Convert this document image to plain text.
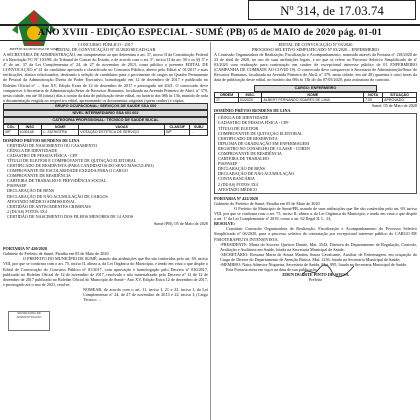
PREFEITURA MUNICIPAL DE SUMÉ
Nº 314, de 17.03.74
ANO XVIII - EDIÇÃO ESPECIAL - SUMÉ (PB) 05 de MAIO de 2020 pág. 01-01
CONCURSO PÚBLICO - 2017
EDITAL DE CONVOCAÇÃO Nº 41/2020/SECAD-GAB
A SECRETÁRIA DE ADMINISTRAÇÃO, em cumprimento ao que determina o art. 37, inciso II da Constituição Federal e à Resolução TC Nº 103/98, do Tribunal de Contas do Estado, e de acordo com o art. 5º, inciso II da art. 50 e os §§ 3º e 4º do art. 37 da Lei Complementar nº 24, de 27 de novembro de 2013, torna público o presente EDITAL DE CONVOCAÇÃO nº 41 do candidato aprovado e classificado no Concurso Público, aberto pelo Edital nº 01/2017 e suas retificações, abaixo relacionados, destinado à seleção de candidatos para o provimento de cargos no Quadro Permanente de Pessoal da Administração Direta do Poder Executivo, homologado em 12 de dezembro de 2017 e publicado no Boletim Oficial n° ... Ano XV, Edição Extra de 12 de dezembro de 2017 e prorrogado até 2021. O convocado deve comparecer à Secretaria de Administração/Setor de Recursos Humanos, localizada na Avenida Primeiro de Abril, nº 379, nesta cidade, em até 30 (trinta) dias a contar da data de publicação deste edital, no horário das 08h às 13h, munido de toda a documentação exigida no respectivo edital, apresentando os documentos originais (quem couber) e cópias.
GRUPO OCUPACIONAL: SERVIÇOS DE SAÚDE SSA 600
NÍVEL INTERMEDIÁRIO SSA 601 602
CATEGORIA PROFISSIONAL: TÉCNICO DE SAÚDE BUCAL
COL	INSC	NOME	VAGAS	CLASSIF	SUBJ
08º	1030148	L. ZATHISTRA	VOTAÇÃO ESTÉTICA DE SERVIÇO	58º	...
DOMÍNIO PRÉVIO RENDENS DE LINA
CERTIDÃO DE NASCIMENTO OU CASAMENTO
CÉDULA DE IDENTIDADE
CADASTRO DE PESSOA FÍSICA - CPF
TÍTULO DE ELEITOR E COMPROVANTE DE QUITAÇÃO ELEITORAL
CERTIFICADO DE RESERVISTA (PARA CANDIDATOS DO SEXO MASCULINO)
COMPROVANTE DE ESCOLARIDADE EXIGIDA PARA O CARGO
COMPROVANTE DE RESIDÊNCIA
CARTEIRA DE TRABALHO E PREVIDÊNCIA SOCIAL
PIS/PASEP
DECLARAÇÃO DE BENS
DECLARAÇÃO DE NÃO ACUMULAÇÃO DE CARGOS
ATESTADO MÉDICO ADMISSIONAL
CERTIDÃO DE ANTECEDENTES CRIMINAIS
2 (DUAS) FOTOS 3X4
CERTIDÃO DE NASCIMENTO DOS FILHOS MENORES DE 14 ANOS
Sumé (PB), 05 de Maio de 2020
PORTARIA Nº 420/2020
Gabinete do Prefeito de Sumé, Paraíba em 05 de Maio de 2020
O PREFEITO DO MUNICÍPIO DE SUMÉ, usando das atribuições que lhe são conferidas pelo art. 69, inciso VIII, por que se confirma com o art. 75, inciso II, alínea a, da Lei Orgânica do Município, e tendo em vista o que dispõe o Edital de Convocação do Concurso Público nº 01/2017, com aprovação e homologação pelo Decreto nº 030/2017, publicado no Boletim Oficial de 12 de novembro de 2017, resolvido e não materializado pelo Decreto nº 12 de 12 de dezembro de 2017 publicado no Boletim Oficial do Município de Sumé - Ano XV, Edição Extra 12 de dezembro de 2017, e prorrogado até o ano de 2021, resolve:
NOMEAR, de acordo com o art. 11, inciso I, 21 e 22, inciso I, da Lei Complementar nº 24, de 27 de novembro de 2013 e 22, inciso I, (Cargo Técnico ...
SECRETARIA DE ADMINISTRAÇÃO
EDITAL DE CONVOCAÇÃO Nº 03/2020
PROCESSO SELETIVO SIMPLIFICADO Nº 03/2020 – ENFERMEIRO
A Comissão Organizadora de Realização, Fiscalização e Acompanhamento, nomeada através da Portaria nº 138/2020 de 23 de abril de 2020, no uso de suas atribuições legais, e no que se refere ao Processo Seletivo Simplificado de nº 03/2020 com realização para contratação em caráter de excepcional interesse público de 01 ENFERMEIRO (CAMPANHA DE COMBATE AO COVID 19). O convocado deve comparecer à Secretaria de Administração/Setor de Recursos Humanos, localizada na Avenida Primeiro de Abril, nº 379, nesta cidade, em até 48 (quarenta e oito) horas da data de publicação deste edital, no horário das 08h às 13h do dia 07/05/2020, para assinatura do contrato.
CARGO: ENFERMEIRO
ORDEM	INSC.	NOME	NOTA	SITUAÇÃO
1º	01/2020	ALBERT FERNANDO SOARES DE LIMA	7.00	APROVADO
Sumé, 05 de Maio de 2020
DOMÍNIO PRÉVIO RENDENS DE LINA
CÉDULA DE IDENTIDADE
CADASTRO DE PESSOA FÍSICA - CPF
TÍTULO DE ELEITOR
COMPROVANTE DE QUITAÇÃO ELEITORAL
CERTIFICADO DE RESERVISTA
DIPLOMA DE GRADUAÇÃO EM ENFERMAGEM
REGISTRO NO CONSELHO DE CLASSE - COREN
COMPROVANTE DE RESIDÊNCIA
CARTEIRA DE TRABALHO
PIS/PASEP
DECLARAÇÃO DE BENS
DECLARAÇÃO DE NÃO ACUMULAÇÃO
CONTA BANCÁRIA
2 (DUAS) FOTOS 3X4
ATESTADO MÉDICO
PORTARIA Nº 422/2020
Gabinete do Prefeito de Sumé, Paraíba em 05 de Maio de 2020
O Prefeito do Município de Sumé/PB, usando de suas atribuições que lhe são conferidas pelo art. 69, inciso VIII, por que se confirma com o art. 75, inciso II, alínea a, da Lei Orgânica do Município, e tendo em vista o que dispõe o art. 1º da Lei Complementar nº 2019, como o art. 62 Ilegal II, L, 33,
RESOLVE:
Constituir Comissão Organizadora de Realização, Fiscalização e Acompanhamento do Processo Seletivo Simplificado nº 04/2020, para o processo seletivo de contratação por excepcional interesse público do CARGO DE FISIOTERAPEUTA INTENSIVISTA.
-PRESIDENTE: Maria do Socorro Queiroz Duarte, Mat. 3543, Diretora do Departamento de Regulação, Controle, Avaliação e Auditoria em Saúde, lotada na Secretaria Municipal de Saúde;
-SECRETÁRIO: Rossana Maria de Souza Martins Souza Cavalcante, Auxiliar de Enfermagem, em ocupação do Cargo de Diretor do Departamento de Atenção Básica, Mat. 1236, lotada na Secretaria Municipal de Saúde;
-MEMBRO: Naira Ademice Nogueira, Secretária de Saúde, Mat. 895, lotada na Secretaria Municipal de Saúde.
Esta Portaria entra em vigor na data de sua publicação.
EDEN DUARTE PINTO DE SOUSA
Prefeito
